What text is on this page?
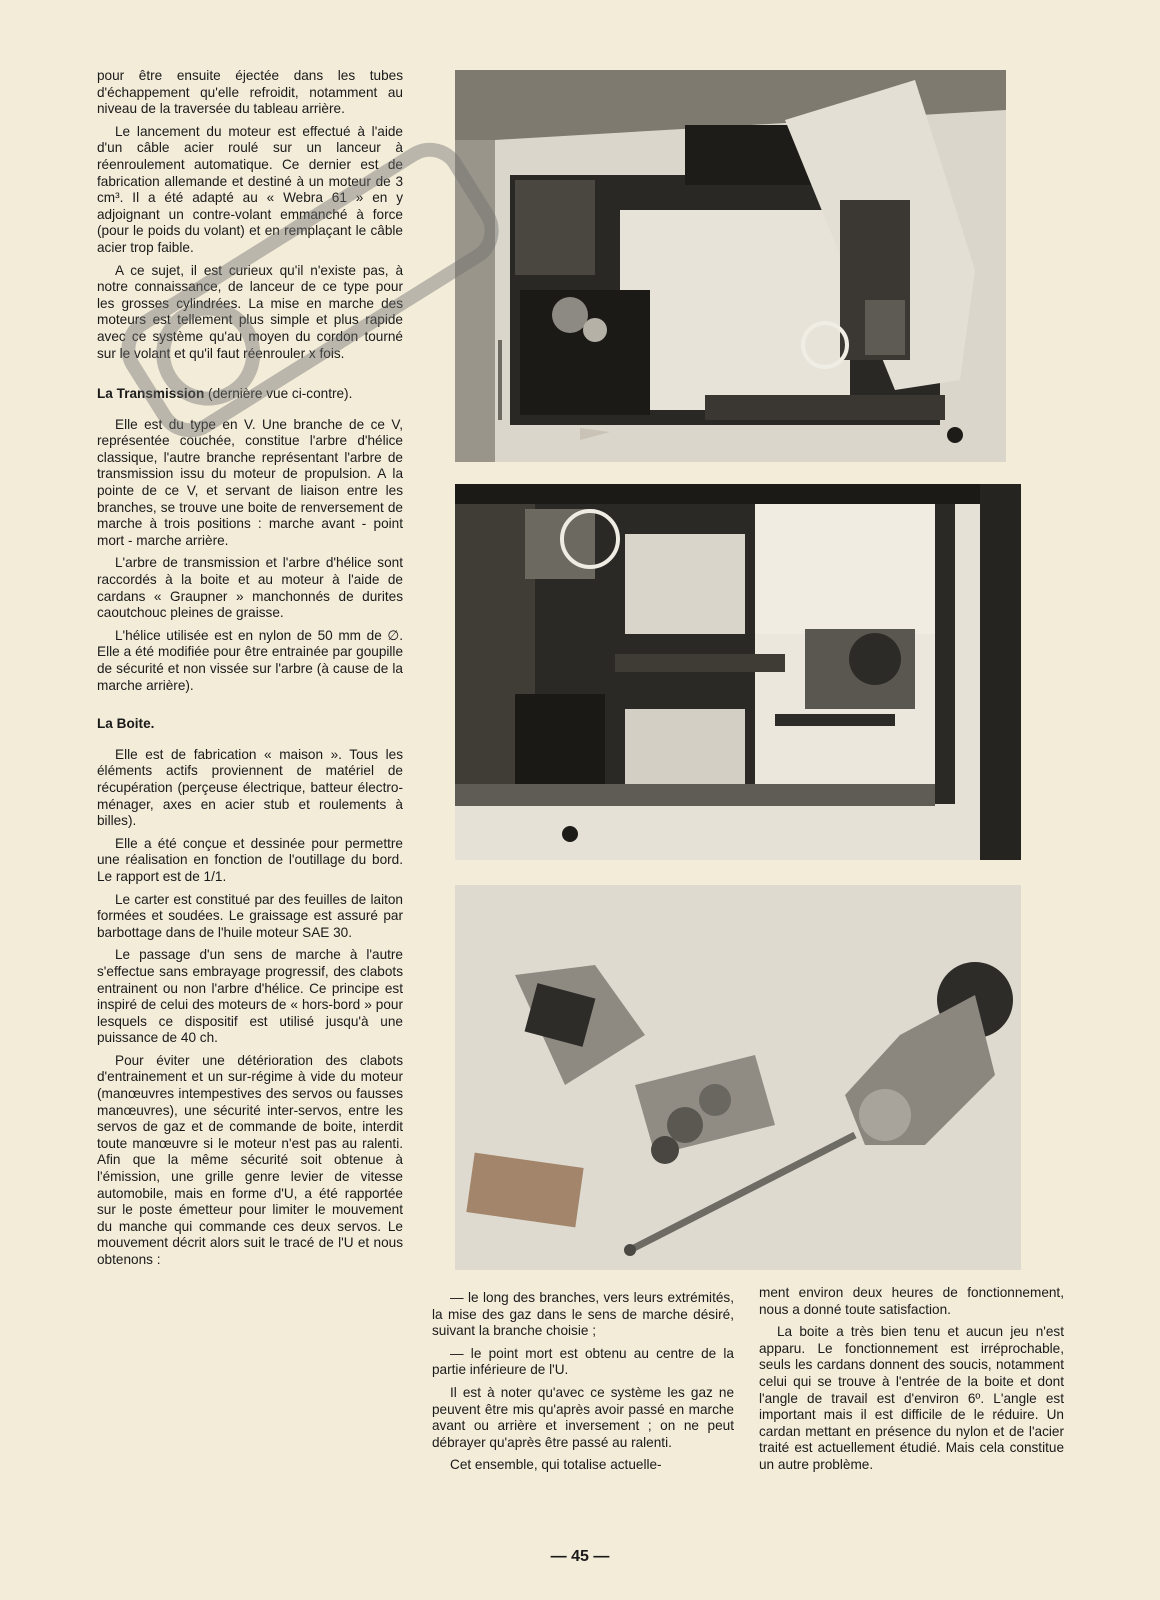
pour être ensuite éjectée dans les tubes d'échappement qu'elle refroidit, notamment au niveau de la traversée du tableau arrière.

Le lancement du moteur est effectué à l'aide d'un câble acier roulé sur un lanceur à réenroulement automatique. Ce dernier est de fabrication allemande et destiné à un moteur de 3 cm³. Il a été adapté au « Webra 61 » en y adjoignant un contre-volant emmanché à force (pour le poids du volant) et en remplaçant le câble acier trop faible.

A ce sujet, il est curieux qu'il n'existe pas, à notre connaissance, de lanceur de ce type pour les grosses cylindrées. La mise en marche des moteurs est tellement plus simple et plus rapide avec ce système qu'au moyen du cordon tourné sur le volant et qu'il faut réenrouler x fois.

La Transmission (dernière vue ci-contre).

Elle est du type en V. Une branche de ce V, représentée couchée, constitue l'arbre d'hélice classique, l'autre branche représentant l'arbre de transmission issu du moteur de propulsion. A la pointe de ce V, et servant de liaison entre les branches, se trouve une boite de renversement de marche à trois positions : marche avant - point mort - marche arrière.

L'arbre de transmission et l'arbre d'hélice sont raccordés à la boite et au moteur à l'aide de cardans « Graupner » manchonnés de durites caoutchouc pleines de graisse.

L'hélice utilisée est en nylon de 50 mm de ∅. Elle a été modifiée pour être entrainée par goupille de sécurité et non vissée sur l'arbre (à cause de la marche arrière).

La Boite.

Elle est de fabrication « maison ». Tous les éléments actifs proviennent de matériel de récupération (perçeuse électrique, batteur électro-ménager, axes en acier stub et roulements à billes).

Elle a été conçue et dessinée pour permettre une réalisation en fonction de l'outillage du bord. Le rapport est de 1/1.

Le carter est constitué par des feuilles de laiton formées et soudées. Le graissage est assuré par barbottage dans de l'huile moteur SAE 30.

Le passage d'un sens de marche à l'autre s'effectue sans embrayage progressif, des clabots entrainent ou non l'arbre d'hélice. Ce principe est inspiré de celui des moteurs de « hors-bord » pour lesquels ce dispositif est utilisé jusqu'à une puissance de 40 ch.

Pour éviter une détérioration des clabots d'entrainement et un sur-régime à vide du moteur (manœuvres intempestives des servos ou fausses manœuvres), une sécurité inter-servos, entre les servos de gaz et de commande de boite, interdit toute manœuvre si le moteur n'est pas au ralenti. Afin que la même sécurité soit obtenue à l'émission, une grille genre levier de vitesse automobile, mais en forme d'U, a été rapportée sur le poste émetteur pour limiter le mouvement du manche qui commande ces deux servos. Le mouvement décrit alors suit le tracé de l'U et nous obtenons :

— le long des branches, vers leurs extrémités, la mise des gaz dans le sens de marche désiré, suivant la branche choisie ;

— le point mort est obtenu au centre de la partie inférieure de l'U.

Il est à noter qu'avec ce système les gaz ne peuvent être mis qu'après avoir passé en marche avant ou arrière et inversement ; on ne peut débrayer qu'après être passé au ralenti.

Cet ensemble, qui totalise actuelle-

ment environ deux heures de fonctionnement, nous a donné toute satisfaction.

La boite a très bien tenu et aucun jeu n'est apparu. Le fonctionnement est irréprochable, seuls les cardans donnent des soucis, notamment celui qui se trouve à l'entrée de la boite et dont l'angle de travail est d'environ 6º. L'angle est important mais il est difficile de le réduire. Un cardan mettant en présence du nylon et de l'acier traité est actuellement étudié. Mais cela constitue un autre problème.

— 45 —
